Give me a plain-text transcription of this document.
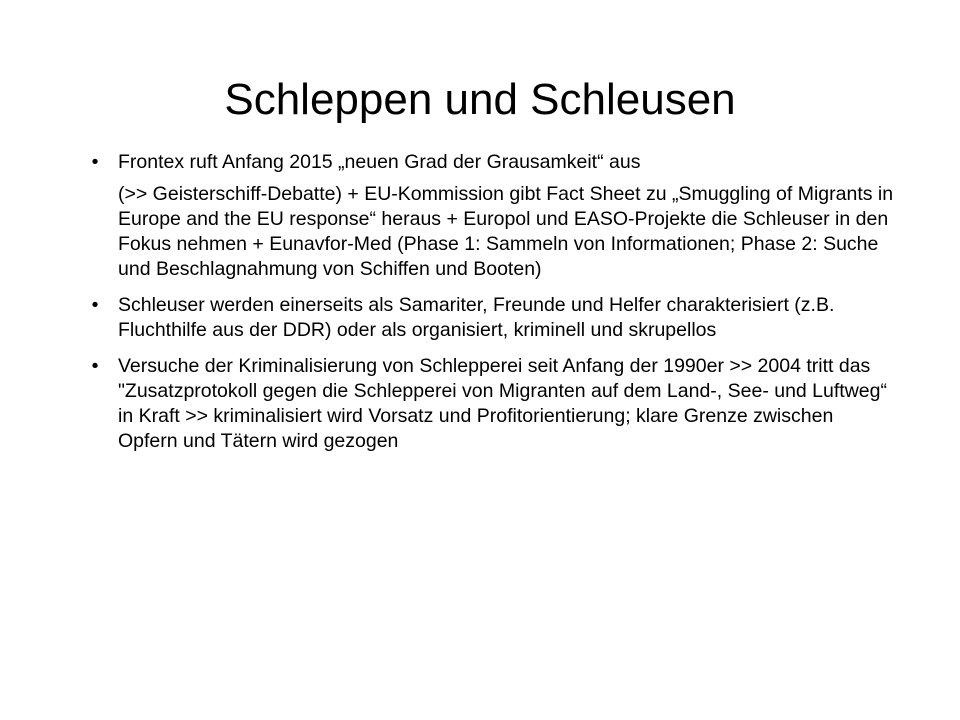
Schleppen und Schleusen
• Frontex ruft Anfang 2015 „neuen Grad der Grausamkeit“ aus

(>> Geisterschiff-Debatte) + EU-Kommission gibt Fact Sheet zu „Smuggling of Migrants in Europe and the EU response“ heraus + Europol und EASO-Projekte die Schleuser in den Fokus nehmen + Eunavfor-Med (Phase 1: Sammeln von Informationen; Phase 2: Suche und Beschlagnahmung von Schiffen und Booten)

• Schleuser werden einerseits als Samariter, Freunde und Helfer charakterisiert (z.B. Fluchthilfe aus der DDR) oder als organisiert, kriminell und skrupellos

• Versuche der Kriminalisierung von Schlepperei seit Anfang der 1990er >> 2004 tritt das "Zusatzprotokoll gegen die Schlepperei von Migranten auf dem Land-, See- und Luftweg“ in Kraft >> kriminalisiert wird Vorsatz und Profitorientierung; klare Grenze zwischen Opfern und Tätern wird gezogen
